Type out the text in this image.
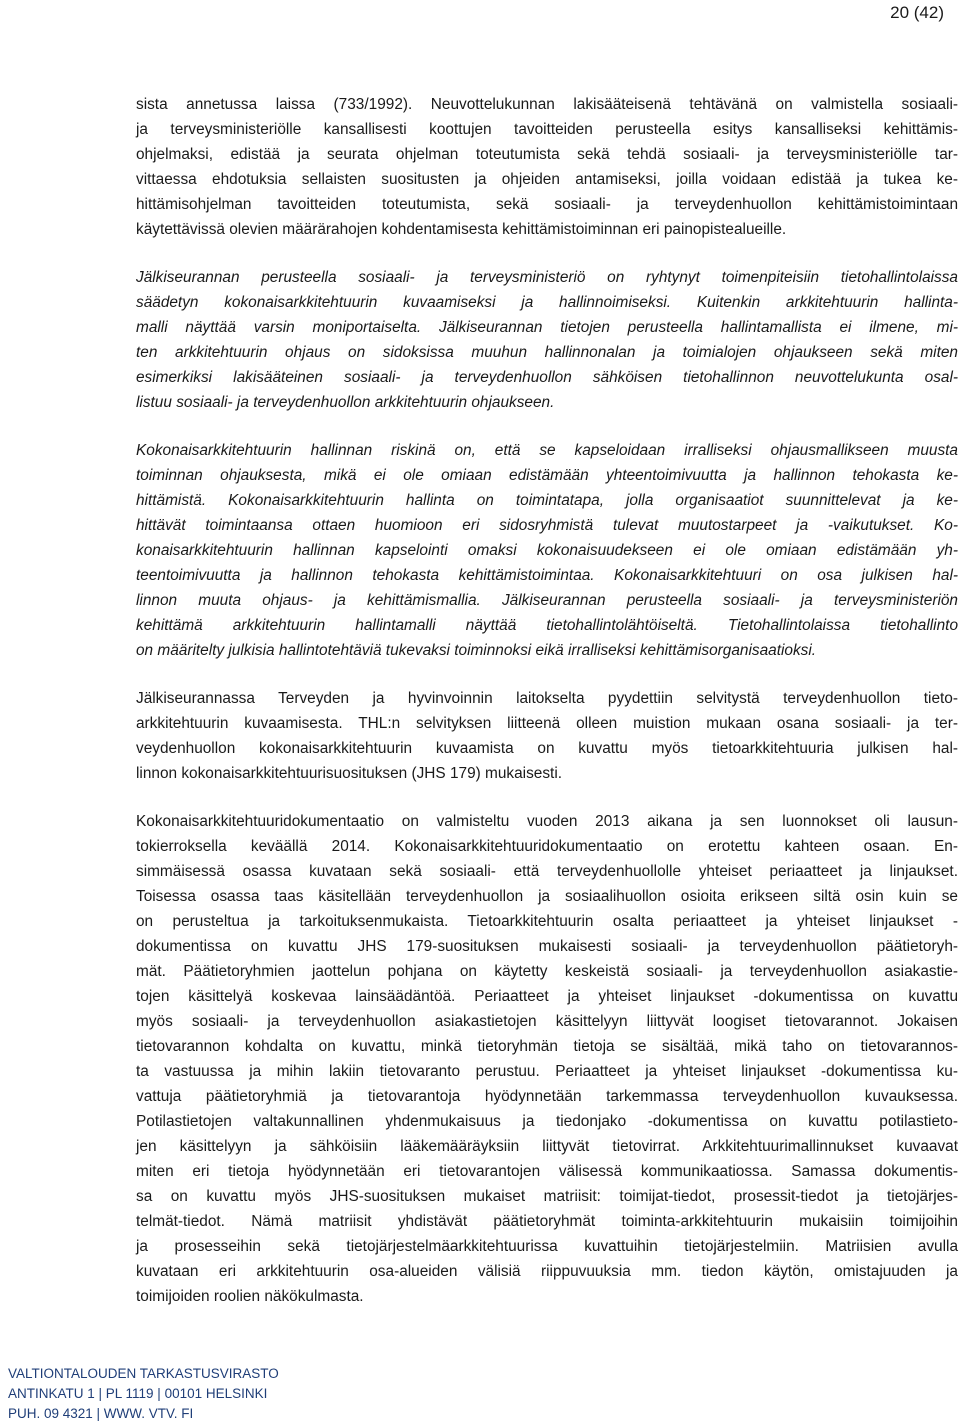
20 (42)
sista annetussa laissa (733/1992). Neuvottelukunnan lakisääteisenä tehtävänä on valmistella sosiaali-
ja terveysministeriölle kansallisesti koottujen tavoitteiden perusteella esitys kansalliseksi kehittämis-
ohjelmaksi, edistää ja seurata ohjelman toteutumista sekä tehdä sosiaali- ja terveysministeriölle tar-
vittaessa ehdotuksia sellaisten suositusten ja ohjeiden antamiseksi, joilla voidaan edistää ja tukea ke-
hittämisohjelman tavoitteiden toteutumista, sekä sosiaali- ja terveydenhuollon kehittämistoimintaan
käytettävissä olevien määrärahojen kohdentamisesta kehittämistoiminnan eri painopistealueille.
Jälkiseurannan perusteella sosiaali- ja terveysministeriö on ryhtynyt toimenpiteisiin tietohallintolaissa
säädetyn kokonaisarkkitehtuurin kuvaamiseksi ja hallinnoimiseksi. Kuitenkin arkkitehtuurin hallinta-
malli näyttää varsin moniportaiselta. Jälkiseurannan tietojen perusteella hallintamallista ei ilmene, mi-
ten arkkitehtuurin ohjaus on sidoksissa muuhun hallinnonalan ja toimialojen ohjaukseen sekä miten
esimerkiksi lakisääteinen sosiaali- ja terveydenhuollon sähköisen tietohallinnon neuvottelukunta osal-
listuu sosiaali- ja terveydenhuollon arkkitehtuurin ohjaukseen.
Kokonaisarkkitehtuurin hallinnan riskinä on, että se kapseloidaan irralliseksi ohjausmallikseen muusta
toiminnan ohjauksesta, mikä ei ole omiaan edistämään yhteentoimivuutta ja hallinnon tehokasta ke-
hittämistä. Kokonaisarkkitehtuurin hallinta on toimintatapa, jolla organisaatiot suunnittelevat ja ke-
hittävät toimintaansa ottaen huomioon eri sidosryhmistä tulevat muutostarpeet ja -vaikutukset. Ko-
konaisarkkitehtuurin hallinnan kapselointi omaksi kokonaisuudekseen ei ole omiaan edistämään yh-
teentoimivuutta ja hallinnon tehokasta kehittämistoimintaa. Kokonaisarkkitehtuuri on osa julkisen hal-
linnon muuta ohjaus- ja kehittämismallia. Jälkiseurannan perusteella sosiaali- ja terveysministeriön
kehittämä arkkitehtuurin hallintamalli näyttää tietohallintolähtöiseltä. Tietohallintolaissa tietohallinto
on määritelty julkisia hallintotehtäviä tukevaksi toiminnoksi eikä irralliseksi kehittämisorganisaatioksi.
Jälkiseurannassa Terveyden ja hyvinvoinnin laitokselta pyydettiin selvitystä terveydenhuollon tieto-
arkkitehtuurin kuvaamisesta. THL:n selvityksen liitteenä olleen muistion mukaan osana sosiaali- ja ter-
veydenhuollon kokonaisarkkitehtuurin kuvaamista on kuvattu myös tietoarkkitehtuuria julkisen hal-
linnon kokonaisarkkitehtuurisuosituksen (JHS 179) mukaisesti.
Kokonaisarkkitehtuuridokumentaatio on valmisteltu vuoden 2013 aikana ja sen luonnokset oli lausun-
tokierroksella keväällä 2014. Kokonaisarkkitehtuuridokumentaatio on erotettu kahteen osaan. En-
simmäisessä osassa kuvataan sekä sosiaali- että terveydenhuollolle yhteiset periaatteet ja linjaukset.
Toisessa osassa taas käsitellään terveydenhuollon ja sosiaalihuollon osioita erikseen siltä osin kuin se
on perusteltua ja tarkoituksenmukaista. Tietoarkkitehtuurin osalta periaatteet ja yhteiset linjaukset -
dokumentissa on kuvattu JHS 179-suosituksen mukaisesti sosiaali- ja terveydenhuollon päätietoryh-
mät. Päätietoryhmien jaottelun pohjana on käytetty keskeistä sosiaali- ja terveydenhuollon asiakastie-
tojen käsittelyä koskevaa lainsäädäntöä. Periaatteet ja yhteiset linjaukset -dokumentissa on kuvattu
myös sosiaali- ja terveydenhuollon asiakastietojen käsittelyyn liittyvät loogiset tietovarannot. Jokaisen
tietovarannon kohdalta on kuvattu, minkä tietoryhmän tietoja se sisältää, mikä taho on tietovarannos-
ta vastuussa ja mihin lakiin tietovaranto perustuu. Periaatteet ja yhteiset linjaukset -dokumentissa ku-
vattuja päätietoryhmiä ja tietovarantoja hyödynnetään tarkemmassa terveydenhuollon kuvauksessa.
Potilastietojen valtakunnallinen yhdenmukaisuus ja tiedonjako -dokumentissa on kuvattu potilastieto-
jen käsittelyyn ja sähköisiin lääkemääräyksiin liittyvät tietovirrat. Arkkitehtuurimallinnukset kuvaavat
miten eri tietoja hyödynnetään eri tietovarantojen välisessä kommunikaatiossa. Samassa dokumentis-
sa on kuvattu myös JHS-suosituksen mukaiset matriisit: toimijat-tiedot, prosessit-tiedot ja tietojärjes-
telmät-tiedot. Nämä matriisit yhdistävät päätietoryhmät toiminta-arkkitehtuurin mukaisiin toimijoihin
ja prosesseihin sekä tietojärjestelmäarkkitehtuurissa kuvattuihin tietojärjestelmiin. Matriisien avulla
kuvataan eri arkkitehtuurin osa-alueiden välisiä riippuvuuksia mm. tiedon käytön, omistajuuden ja
toimijoiden roolien näkökulmasta.
VALTIONTALOUDEN TARKASTUSVIRASTO
ANTINKATU 1 | PL 1119 | 00101 HELSINKI
PUH. 09 4321 | WWW. VTV. FI
